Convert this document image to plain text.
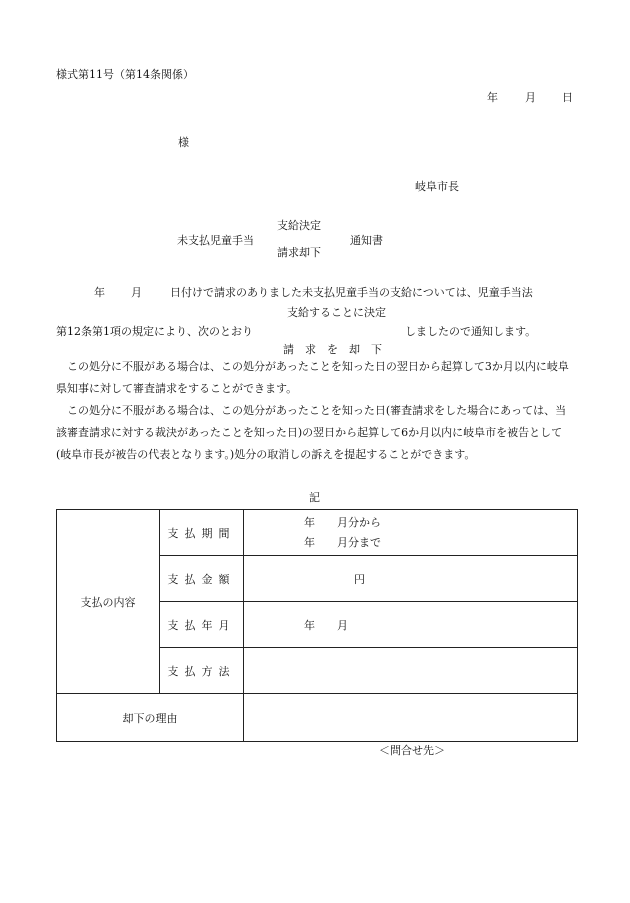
様式第11号（第14条関係）
年 月 日
様
岐阜市長
支給決定
未支払児童手当	通知書
請求却下
年 月	日付けで請求のありました未支払児童手当の支給については、児童手当法
支給することに決定
第12条第1項の規定により、次のとおり	しましたので通知します。
請　求　を　却　下

この処分に不服がある場合は、この処分があったことを知った日の翌日から起算して3か月以内に岐阜県知事に対して審査請求をすることができます。

この処分に不服がある場合は、この処分があったことを知った日(審査請求をした場合にあっては、当該審査請求に対する裁決があったことを知った日)の翌日から起算して6か月以内に岐阜市を被告として(岐阜市長が被告の代表となります。)処分の取消しの訴えを提起することができます。

記
支払の内容	支払期間	年　　月分から
年　　月分まで

	支払金額	円
	支払年月	年　　月
	支払方法	
却下の理由		
＜問合せ先＞
